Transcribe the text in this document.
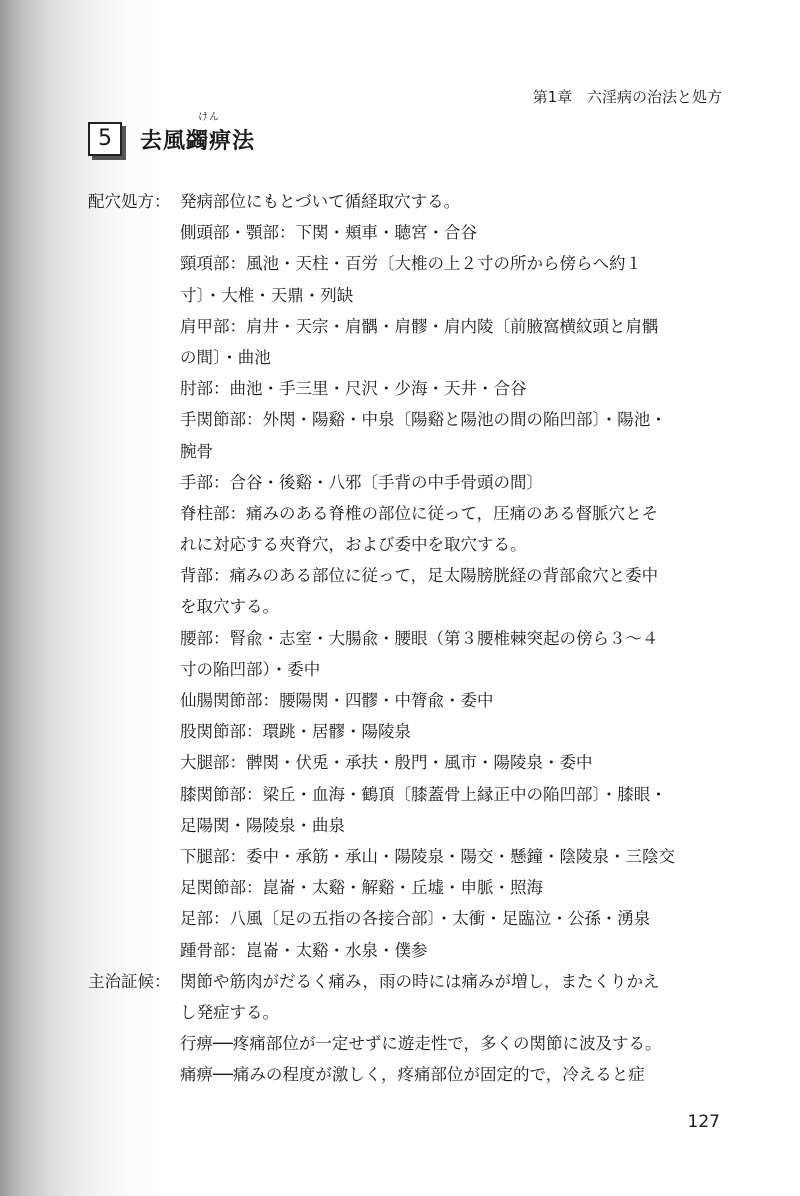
第1章 六淫病の治法と処方
5
けん
去風蠲痹法
配穴処方： 発病部位にもとづいて循経取穴する。
側頭部・顎部：下関・頬車・聴宮・合谷
頸項部：風池・天柱・百労〔大椎の上２寸の所から傍らへ約１
寸〕・大椎・天鼎・列缺
肩甲部：肩井・天宗・肩髃・肩髎・肩内陵〔前腋窩横紋頭と肩髃
の間〕・曲池
肘部：曲池・手三里・尺沢・少海・天井・合谷
手関節部：外関・陽谿・中泉〔陽谿と陽池の間の陥凹部〕・陽池・
腕骨
手部：合谷・後谿・八邪〔手背の中手骨頭の間〕
脊柱部：痛みのある脊椎の部位に従って，圧痛のある督脈穴とそ
れに対応する夾脊穴，および委中を取穴する。
背部：痛みのある部位に従って，足太陽膀胱経の背部兪穴と委中
を取穴する。
腰部：腎兪・志室・大腸兪・腰眼（第３腰椎棘突起の傍ら３～４
寸の陥凹部）・委中
仙腸関節部：腰陽関・四髎・中膂兪・委中
股関節部：環跳・居髎・陽陵泉
大腿部：髀関・伏兎・承扶・殷門・風市・陽陵泉・委中
膝関節部：梁丘・血海・鶴頂〔膝蓋骨上縁正中の陥凹部〕・膝眼・
足陽関・陽陵泉・曲泉
下腿部：委中・承筋・承山・陽陵泉・陽交・懸鐘・陰陵泉・三陰交
足関節部：崑崙・太谿・解谿・丘墟・申脈・照海
足部：八風〔足の五指の各接合部〕・太衝・足臨泣・公孫・湧泉
踵骨部：崑崙・太谿・水泉・僕参
主治証候： 関節や筋肉がだるく痛み，雨の時には痛みが増し，またくりかえ
し発症する。
行痹──疼痛部位が一定せずに遊走性で，多くの関節に波及する。
痛痹──痛みの程度が激しく，疼痛部位が固定的で，冷えると症
127
